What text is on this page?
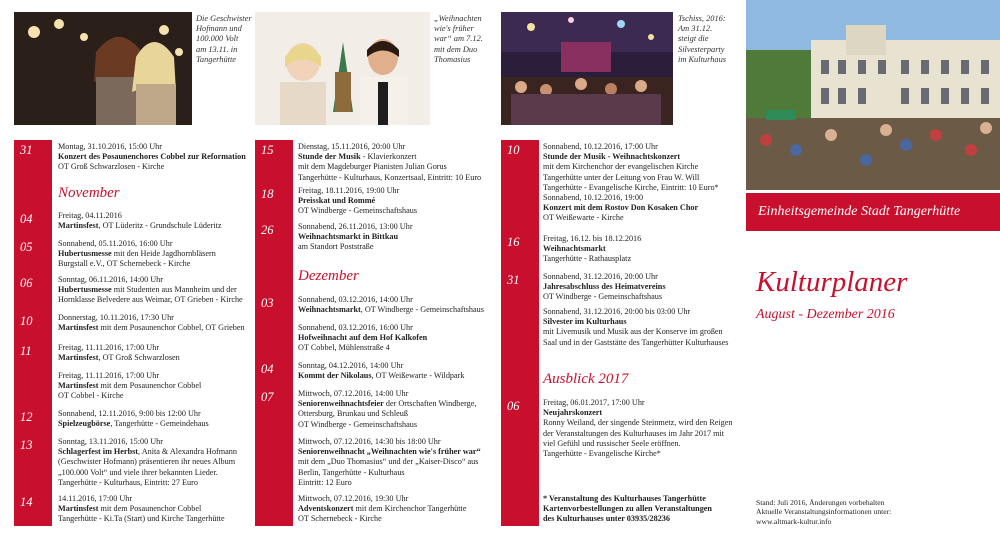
Die Geschwister
Hofmann und
100.000 Volt
am 13.11. in
Tangerhütte
„Weihnachten
wie's früher
war“ am 7.12.
mit dem Duo
Thomasius
Tschiss, 2016:
Am 31.12.
steigt die
Silvesterparty
im Kulturhaus
31	Montag, 31.10.2016, 15:00 Uhr
Konzert des Posaunenchores Cobbel zur Reformation
OT Groß Schwarzlosen - Kirche
November
04	Freitag, 04.11.2016
Martinsfest, OT Lüderitz - Grundschule Lüderitz
05	Sonnabend, 05.11.2016, 16:00 Uhr
Hubertusmesse mit den Heide Jagdhornbläsern
Burgstall e.V., OT Schernebeck - Kirche
06	Sonntag, 06.11.2016, 14:00 Uhr
Hubertusmesse mit Studenten aus Mannheim und der
Hornklasse Belvedere aus Weimar, OT Grieben - Kirche
10	Donnerstag, 10.11.2016, 17:30 Uhr
Martinsfest mit dem Posaunenchor Cobbel, OT Grieben
11	Freitag, 11.11.2016, 17:00 Uhr
Martinsfest, OT Groß Schwarzlosen
Freitag, 11.11.2016, 17:00 Uhr
Martinsfest mit dem Posaunenchor Cobbel
OT Cobbel - Kirche
12	Sonnabend, 12.11.2016, 9:00 bis 12:00 Uhr
Spielzeugbörse, Tangerhütte - Gemeindehaus
13	Sonntag, 13.11.2016, 15:00 Uhr
Schlagerfest im Herbst, Anita & Alexandra Hofmann
(Geschwister Hofmann) präsentieren ihr neues Album
„100.000 Volt“ und viele ihrer bekannten Lieder.
Tangerhütte - Kulturhaus, Eintritt: 27 Euro
14	14.11.2016, 17:00 Uhr
Martinsfest mit dem Posaunenchor Cobbel
Tangerhütte - Ki.Ta (Start) und Kirche Tangerhütte
15	Dienstag, 15.11.2016, 20:00 Uhr
Stunde der Musik - Klavierkonzert
mit dem Magdeburger Pianisten Julian Gorus
Tangerhütte - Kulturhaus, Konzertsaal, Eintritt: 10 Euro
18	Freitag, 18.11.2016, 19:00 Uhr
Preisskat und Rommé
OT Windberge - Gemeinschaftshaus
26	Sonnabend, 26.11.2016, 13:00 Uhr
Weihnachtsmarkt in Bittkau
am Standort Poststraße
Dezember
03	Sonnabend, 03.12.2016, 14:00 Uhr
Weihnachtsmarkt, OT Windberge - Gemeinschaftshaus
Sonnabend, 03.12.2016, 16:00 Uhr
Hofweihnacht auf dem Hof Kalkofen
OT Cobbel, Mühlenstraße 4
04	Sonntag, 04.12.2016, 14:00 Uhr
Kommt der Nikolaus, OT Weißewarte - Wildpark
07	Mittwoch, 07.12.2016, 14:00 Uhr
Seniorenweihnachtsfeier der Ortschaften Windberge,
Ottersburg, Brunkau und Schleuß
OT Windberge - Gemeinschaftshaus
Mittwoch, 07.12.2016, 14:30 bis 18:00 Uhr
Seniorenweihnacht „Weihnachten wie's früher war“
mit dem „Duo Thomasius“ und der „Kaiser-Disco“ aus
Berlin, Tangerhütte - Kulturhaus
Eintritt: 12 Euro
Mittwoch, 07.12.2016, 19:30 Uhr
Adventskonzert mit dem Kirchenchor Tangerhütte
OT Schernebeck - Kirche
10	Sonnabend, 10.12.2016, 17:00 Uhr
Stunde der Musik - Weihnachtskonzert
mit dem Kirchenchor der evangelischen Kirche
Tangerhütte unter der Leitung von Frau W. Will
Tangerhütte - Evangelische Kirche, Eintritt: 10 Euro*
Sonnabend, 10.12.2016, 19:00
Konzert mit dem Rostov Don Kosaken Chor
OT Weißewarte - Kirche
16	Freitag, 16.12. bis 18.12.2016
Weihnachtsmarkt
Tangerhütte - Rathausplatz
31	Sonnabend, 31.12.2016, 20:00 Uhr
Jahresabschluss des Heimatvereins
OT Windberge - Gemeinschaftshaus
Sonnabend, 31.12.2016, 20:00 bis 03:00 Uhr
Silvester im Kulturhaus
mit Livemusik und Musik aus der Konserve im großen
Saal und in der Gaststätte des Tangerhütter Kulturhauses
Ausblick 2017
06	Freitag, 06.01.2017, 17:00 Uhr
Neujahrskonzert
Ronny Weiland, der singende Steinmetz, wird den Reigen
der Veranstaltungen des Kulturhauses im Jahr 2017 mit
viel Gefühl und russischer Seele eröffnen.
Tangerhütte - Evangelische Kirche*
* Veranstaltung des Kulturhauses Tangerhütte
Kartenvorbestellungen zu allen Veranstaltungen
des Kulturhauses unter 03935/28236
Einheitsgemeinde Stadt Tangerhütte
Kulturplaner
August - Dezember 2016
Stand: Juli 2016, Änderungen vorbehalten
Aktuelle Veranstaltungsinformationen unter:
www.altmark-kultur.info
